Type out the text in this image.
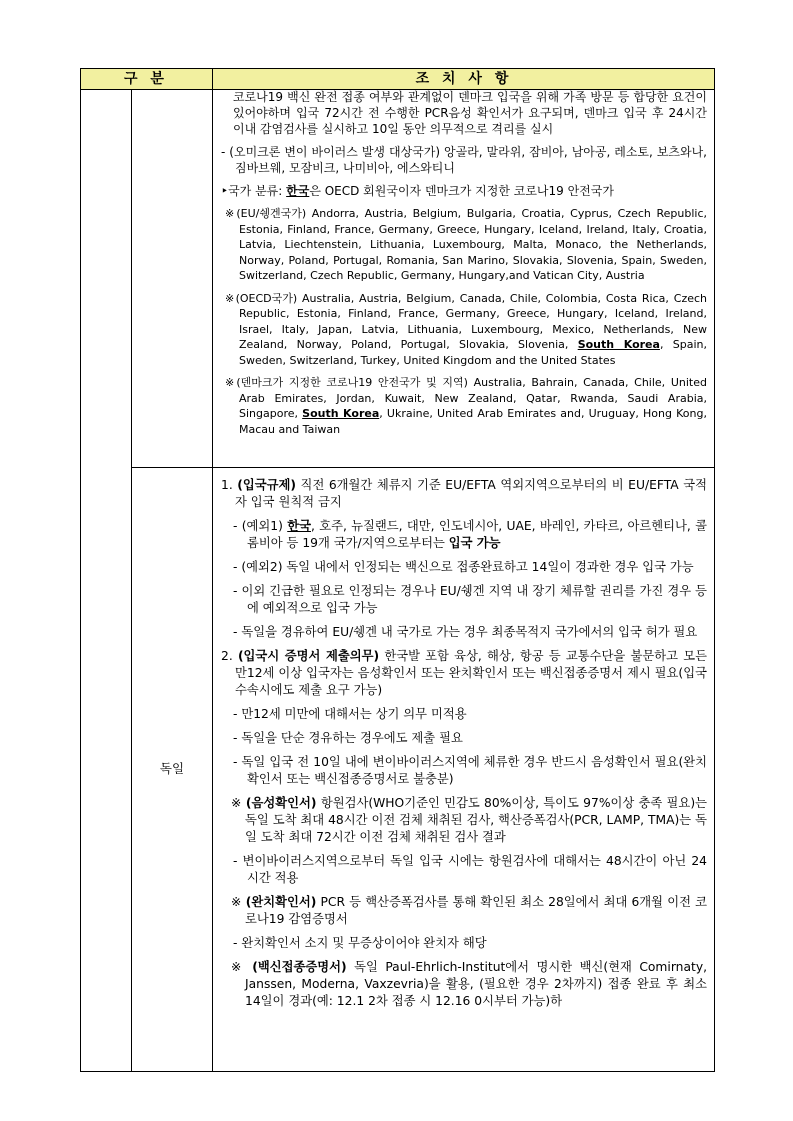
구 분	조 치 사 항

코로나19 백신 완전 접종 여부와 관계없이 덴마크 입국을 위해 가족 방문 등 합당한 요건이 있어야하며 입국 72시간 전 수행한 PCR음성 확인서가 요구되며, 덴마크 입국 후 24시간 이내 감염검사를 실시하고 10일 동안 의무적으로 격리를 실시

- (오미크론 변이 바이러스 발생 대상국가) 앙골라, 말라위, 잠비아, 남아공, 레소토, 보츠와나, 짐바브웨, 모잠비크, 나미비아, 에스와티니

‣국가 분류: 한국은 OECD 회원국이자 덴마크가 지정한 코로나19 안전국가

※(EU/쉥겐국가) Andorra, Austria, Belgium, Bulgaria, Croatia, Cyprus, Czech Republic, Estonia, Finland, France, Germany, Greece, Hungary, Iceland, Ireland, Italy, Croatia, Latvia, Liechtenstein, Lithuania, Luxembourg, Malta, Monaco, the Netherlands, Norway, Poland, Portugal, Romania, San Marino, Slovakia, Slovenia, Spain, Sweden, Switzerland, Czech Republic, Germany, Hungary,and Vatican City, Austria

※(OECD국가) Australia, Austria, Belgium, Canada, Chile, Colombia, Costa Rica, Czech Republic, Estonia, Finland, France, Germany, Greece, Hungary, Iceland, Ireland, Israel, Italy, Japan, Latvia, Lithuania, Luxembourg, Mexico, Netherlands, New Zealand, Norway, Poland, Portugal, Slovakia, Slovenia, South Korea, Spain, Sweden, Switzerland, Turkey, United Kingdom and the United States

※(덴마크가 지정한 코로나19 안전국가 및 지역) Australia, Bahrain, Canada, Chile, United Arab Emirates, Jordan, Kuwait, New Zealand, Qatar, Rwanda, Saudi Arabia, Singapore, South Korea, Ukraine, United Arab Emirates and, Uruguay, Hong Kong, Macau and Taiwan

독일

1. (입국규제) 직전 6개월간 체류지 기준 EU/EFTA 역외지역으로부터의 비 EU/EFTA 국적자 입국 원칙적 금지

- (예외1) 한국, 호주, 뉴질랜드, 대만, 인도네시아, UAE, 바레인, 카타르, 아르헨티나, 콜롬비아 등 19개 국가/지역으로부터는 입국 가능

- (예외2) 독일 내에서 인정되는 백신으로 접종완료하고 14일이 경과한 경우 입국 가능

- 이외 긴급한 필요로 인정되는 경우나 EU/쉥겐 지역 내 장기 체류할 권리를 가진 경우 등에 예외적으로 입국 가능

- 독일을 경유하여 EU/쉥겐 내 국가로 가는 경우 최종목적지 국가에서의 입국 허가 필요

2. (입국시 증명서 제출의무) 한국발 포함 육상, 해상, 항공 등 교통수단을 불문하고 모든 만12세 이상 입국자는 음성확인서 또는 완치확인서 또는 백신접종증명서 제시 필요(입국 수속시에도 제출 요구 가능)

- 만12세 미만에 대해서는 상기 의무 미적용

- 독일을 단순 경유하는 경우에도 제출 필요

- 독일 입국 전 10일 내에 변이바이러스지역에 체류한 경우 반드시 음성확인서 필요(완치확인서 또는 백신접종증명서로 불충분)

※ (음성확인서) 항원검사(WHO기준인 민감도 80%이상, 특이도 97%이상 충족 필요)는 독일 도착 최대 48시간 이전 검체 채취된 검사, 핵산증폭검사(PCR, LAMP, TMA)는 독일 도착 최대 72시간 이전 검체 채취된 검사 결과

- 변이바이러스지역으로부터 독일 입국 시에는 항원검사에 대해서는 48시간이 아닌 24시간 적용

※ (완치확인서) PCR 등 핵산증폭검사를 통해 확인된 최소 28일에서 최대 6개월 이전 코로나19 감염증명서

- 완치확인서 소지 및 무증상이어야 완치자 해당

※ (백신접종증명서) 독일 Paul-Ehrlich-Institut에서 명시한 백신(현재 Comirnaty, Janssen, Moderna, Vaxzevria)을 활용, (필요한 경우 2차까지) 접종 완료 후 최소 14일이 경과(예: 12.1 2차 접종 시 12.16 0시부터 가능)하
